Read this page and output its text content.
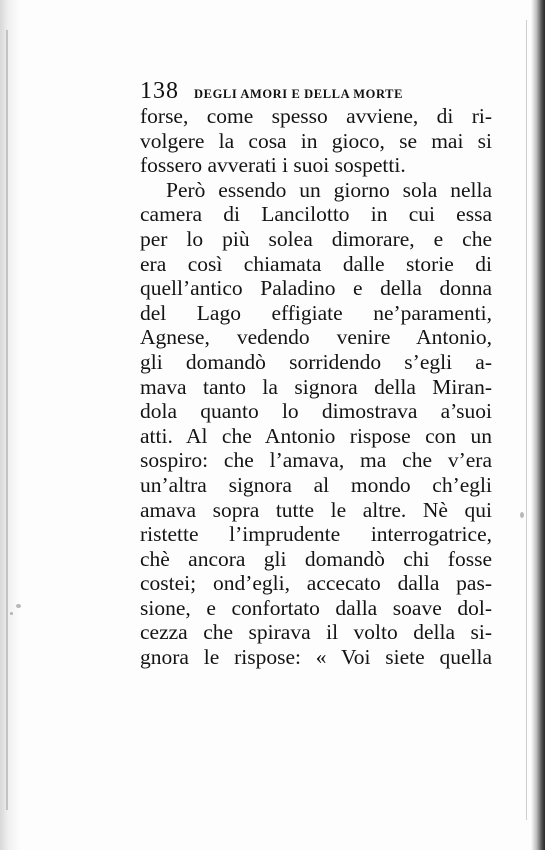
138 DEGLI AMORI E DELLA MORTE
forse, come spesso avviene, di ri-
volgere la cosa in gioco, se mai si
fossero avverati i suoi sospetti.
Però essendo un giorno sola nella
camera di Lancilotto in cui essa
per lo più solea dimorare, e che
era così chiamata dalle storie di
quell’antico Paladino e della donna
del Lago effigiate ne’paramenti,
Agnese, vedendo venire Antonio,
gli domandò sorridendo s’egli a-
mava tanto la signora della Miran-
dola quanto lo dimostrava a’suoi
atti. Al che Antonio rispose con un
sospiro: che l’amava, ma che v’era
un’altra signora al mondo ch’egli
amava sopra tutte le altre. Nè qui
ristette l’imprudente interrogatrice,
chè ancora gli domandò chi fosse
costei; ond’egli, accecato dalla pas-
sione, e confortato dalla soave dol-
cezza che spirava il volto della si-
gnora le rispose: « Voi siete quella
